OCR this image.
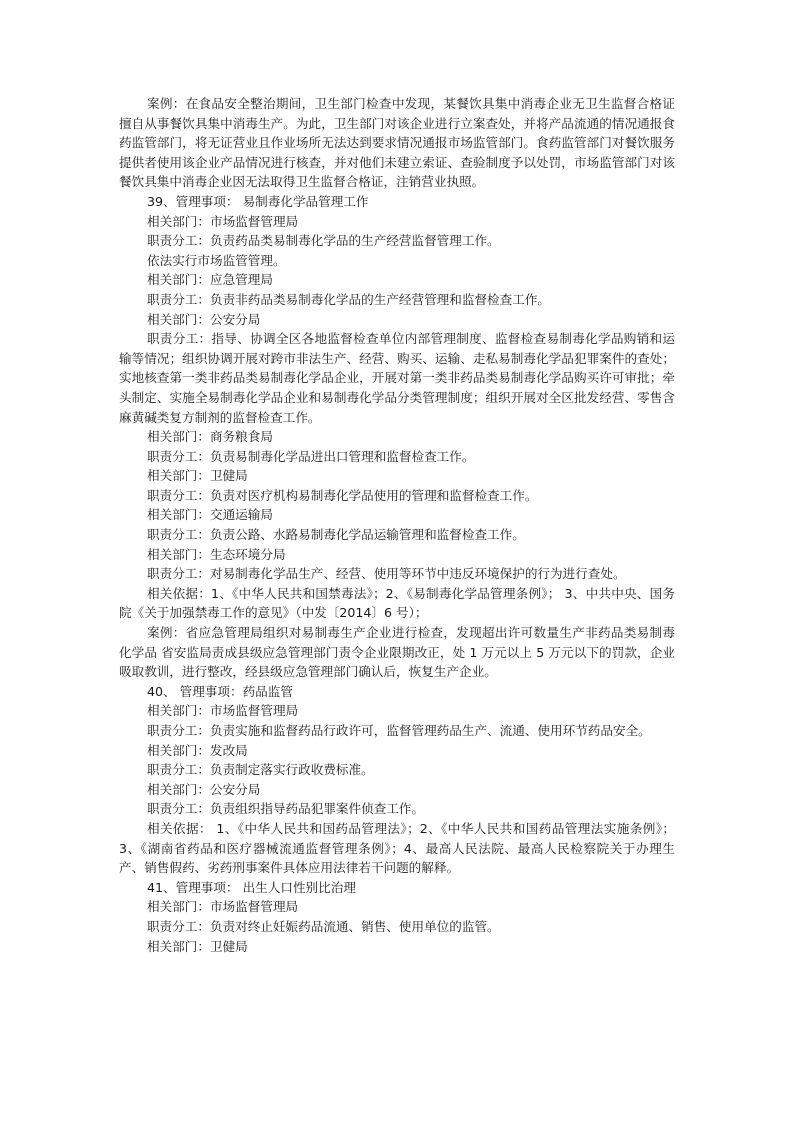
案例：在食品安全整治期间，卫生部门检查中发现，某餐饮具集中消毒企业无卫生监督合格证擅自从事餐饮具集中消毒生产。为此，卫生部门对该企业进行立案查处，并将产品流通的情况通报食药监管部门，将无证营业且作业场所无法达到要求情况通报市场监管部门。食药监管部门对餐饮服务提供者使用该企业产品情况进行核查，并对他们未建立索证、查验制度予以处罚，市场监管部门对该餐饮具集中消毒企业因无法取得卫生监督合格证，注销营业执照。

39、管理事项： 易制毒化学品管理工作

相关部门：市场监督管理局

职责分工：负责药品类易制毒化学品的生产经营监督管理工作。

依法实行市场监管管理。

相关部门：应急管理局

职责分工：负责非药品类易制毒化学品的生产经营管理和监督检查工作。

相关部门：公安分局

职责分工：指导、协调全区各地监督检查单位内部管理制度、监督检查易制毒化学品购销和运输等情况；组织协调开展对跨市非法生产、经营、购买、运输、走私易制毒化学品犯罪案件的查处；实地核查第一类非药品类易制毒化学品企业，开展对第一类非药品类易制毒化学品购买许可审批；牵头制定、实施全易制毒化学品企业和易制毒化学品分类管理制度；组织开展对全区批发经营、零售含麻黄碱类复方制剂的监督检查工作。

相关部门：商务粮食局

职责分工：负责易制毒化学品进出口管理和监督检查工作。

相关部门：卫健局

职责分工：负责对医疗机构易制毒化学品使用的管理和监督检查工作。

相关部门：交通运输局

职责分工：负责公路、水路易制毒化学品运输管理和监督检查工作。

相关部门：生态环境分局

职责分工：对易制毒化学品生产、经营、使用等环节中违反环境保护的行为进行查处。

相关依据：1、《中华人民共和国禁毒法》；2、《易制毒化学品管理条例》； 3、中共中央、国务院《关于加强禁毒工作的意见》（中发〔2014〕6 号）；

案例：省应急管理局组织对易制毒生产企业进行检查，发现超出许可数量生产非药品类易制毒化学品 省安监局责成县级应急管理部门责令企业限期改正，处 1 万元以上 5 万元以下的罚款，企业吸取教训，进行整改，经县级应急管理部门确认后，恢复生产企业。

40、 管理事项：药品监管

相关部门：市场监督管理局

职责分工：负责实施和监督药品行政许可，监督管理药品生产、流通、使用环节药品安全。

相关部门：发改局

职责分工：负责制定落实行政收费标准。

相关部门：公安分局

职责分工：负责组织指导药品犯罪案件侦查工作。

相关依据： 1、《中华人民共和国药品管理法》；2、《中华人民共和国药品管理法实施条例》；3、《湖南省药品和医疗器械流通监督管理条例》；4、最高人民法院、最高人民检察院关于办理生产、销售假药、劣药刑事案件具体应用法律若干问题的解释。

41、管理事项： 出生人口性别比治理

相关部门：市场监督管理局

职责分工：负责对终止妊娠药品流通、销售、使用单位的监管。

相关部门：卫健局
